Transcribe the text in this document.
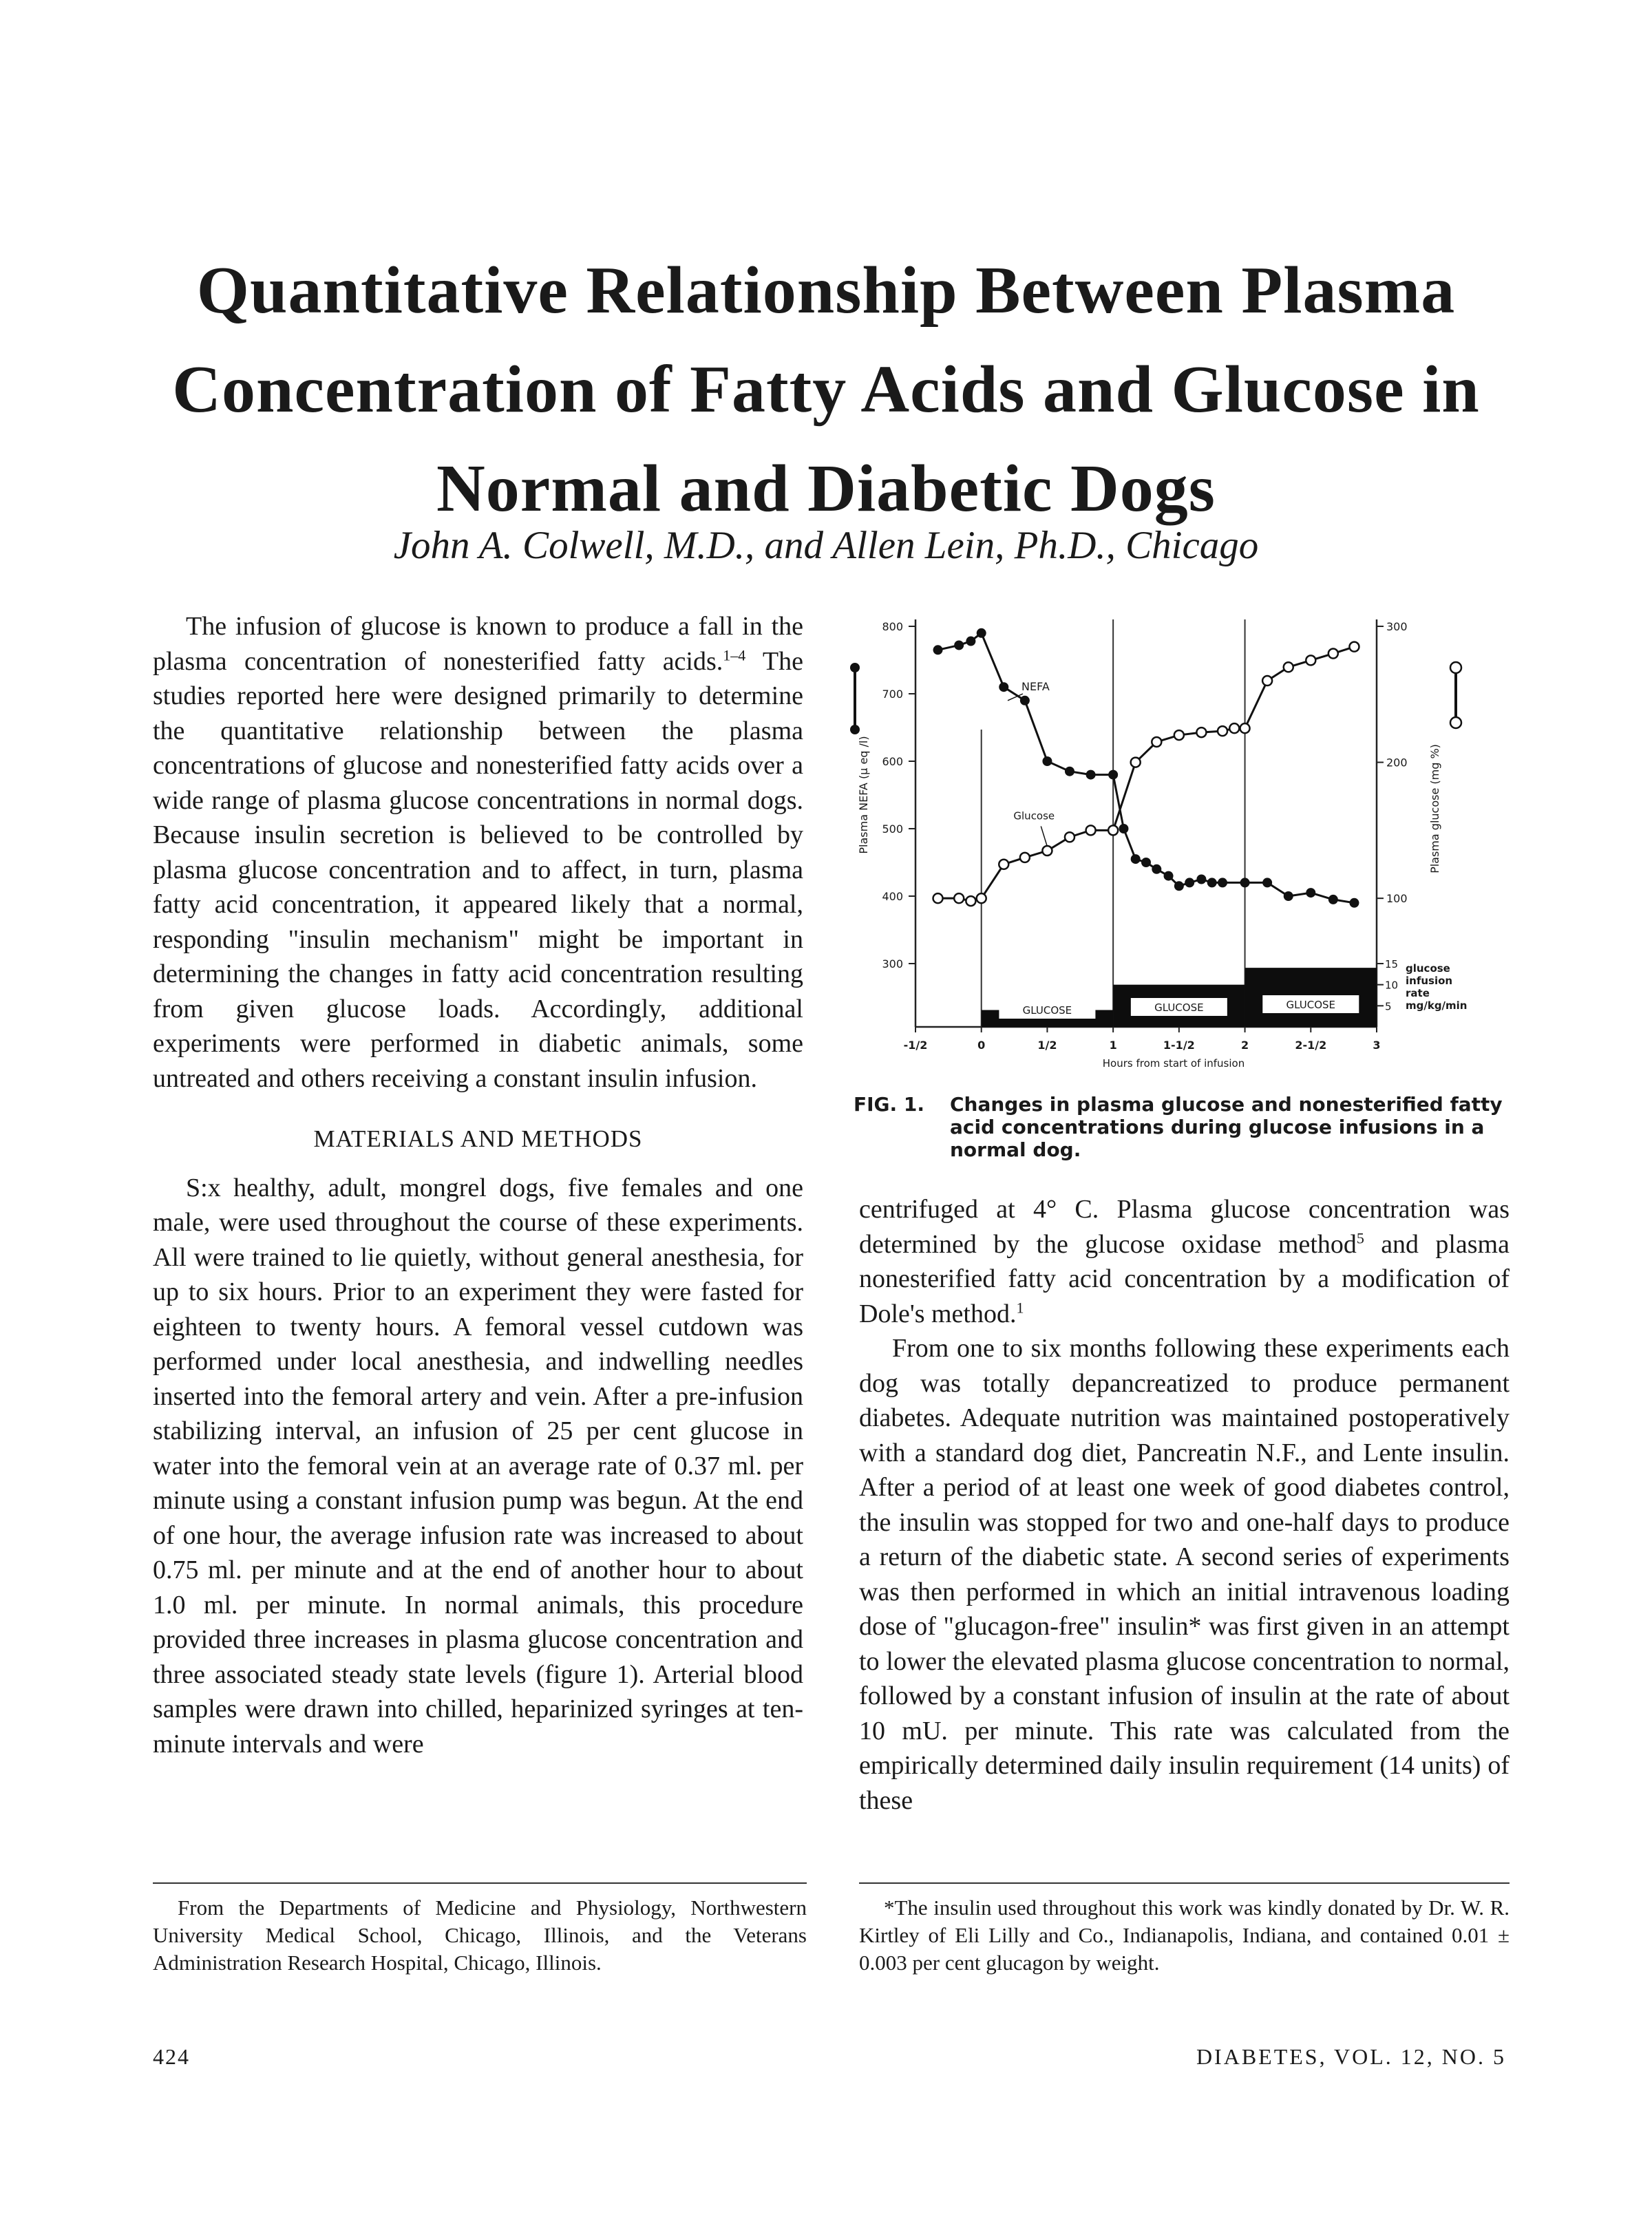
Quantitative Relationship Between Plasma
Concentration of Fatty Acids and Glucose in
Normal and Diabetic Dogs
John A. Colwell, M.D., and Allen Lein, Ph.D., Chicago

The infusion of glucose is known to produce a fall in the plasma concentration of nonesterified fatty acids.$^{1-4}$ The studies reported here were designed primarily to determine the quantitative relationship between the plasma concentrations of glucose and nonesterified fatty acids over a wide range of plasma glucose concentrations in normal dogs. Because insulin secretion is believed to be controlled by plasma glucose concentration and to affect, in turn, plasma fatty acid concentration, it appeared likely that a normal, responding "insulin mechanism" might be important in determining the changes in fatty acid concentration resulting from given glucose loads. Accordingly, additional experiments were performed in diabetic animals, some untreated and others receiving a constant insulin infusion.

MATERIALS AND METHODS

S:x healthy, adult, mongrel dogs, five females and one male, were used throughout the course of these experiments. All were trained to lie quietly, without general anesthesia, for up to six hours. Prior to an experiment they were fasted for eighteen to twenty hours. A femoral vessel cutdown was performed under local anesthesia, and indwelling needles inserted into the femoral artery and vein. After a pre-infusion stabilizing interval, an infusion of 25 per cent glucose in water into the femoral vein at an average rate of 0.37 ml. per minute using a constant infusion pump was begun. At the end of one hour, the average infusion rate was increased to about 0.75 ml. per minute and at the end of another hour to about 1.0 ml. per minute. In normal animals, this procedure provided three increases in plasma glucose concentration and three associated steady state levels (figure 1). Arterial blood samples were drawn into chilled, heparinized syringes at ten-minute intervals and were

800
700
600
500
400
300
300
200
100
15
10
5
glucose
infusion
rate
mg/kg/min
-1/2	0	1/2	1	1-1/2	2	2-1/2	3
Hours from start of infusion
Plasma NEFA (μ eq /l)	Plasma glucose (mg %)
GLUCOSE	GLUCOSE	GLUCOSE
NEFA
Glucose
FIG. 1. Changes in plasma glucose and nonesterified fatty acid concentrations during glucose infusions in a normal dog.

centrifuged at 4° C. Plasma glucose concentration was determined by the glucose oxidase method$^5$ and plasma nonesterified fatty acid concentration by a modification of Dole's method.$^1$

From one to six months following these experiments each dog was totally depancreatized to produce permanent diabetes. Adequate nutrition was maintained postoperatively with a standard dog diet, Pancreatin N.F., and Lente insulin. After a period of at least one week of good diabetes control, the insulin was stopped for two and one-half days to produce a return of the diabetic state. A second series of experiments was then performed in which an initial intravenous loading dose of "glucagon-free" insulin* was first given in an attempt to lower the elevated plasma glucose concentration to normal, followed by a constant infusion of insulin at the rate of about 10 mU. per minute. This rate was calculated from the empirically determined daily insulin requirement (14 units) of these

From the Departments of Medicine and Physiology, Northwestern University Medical School, Chicago, Illinois, and the Veterans Administration Research Hospital, Chicago, Illinois.

*The insulin used throughout this work was kindly donated by Dr. W. R. Kirtley of Eli Lilly and Co., Indianapolis, Indiana, and contained 0.01 ± 0.003 per cent glucagon by weight.

424	DIABETES, VOL. 12, NO. 5
